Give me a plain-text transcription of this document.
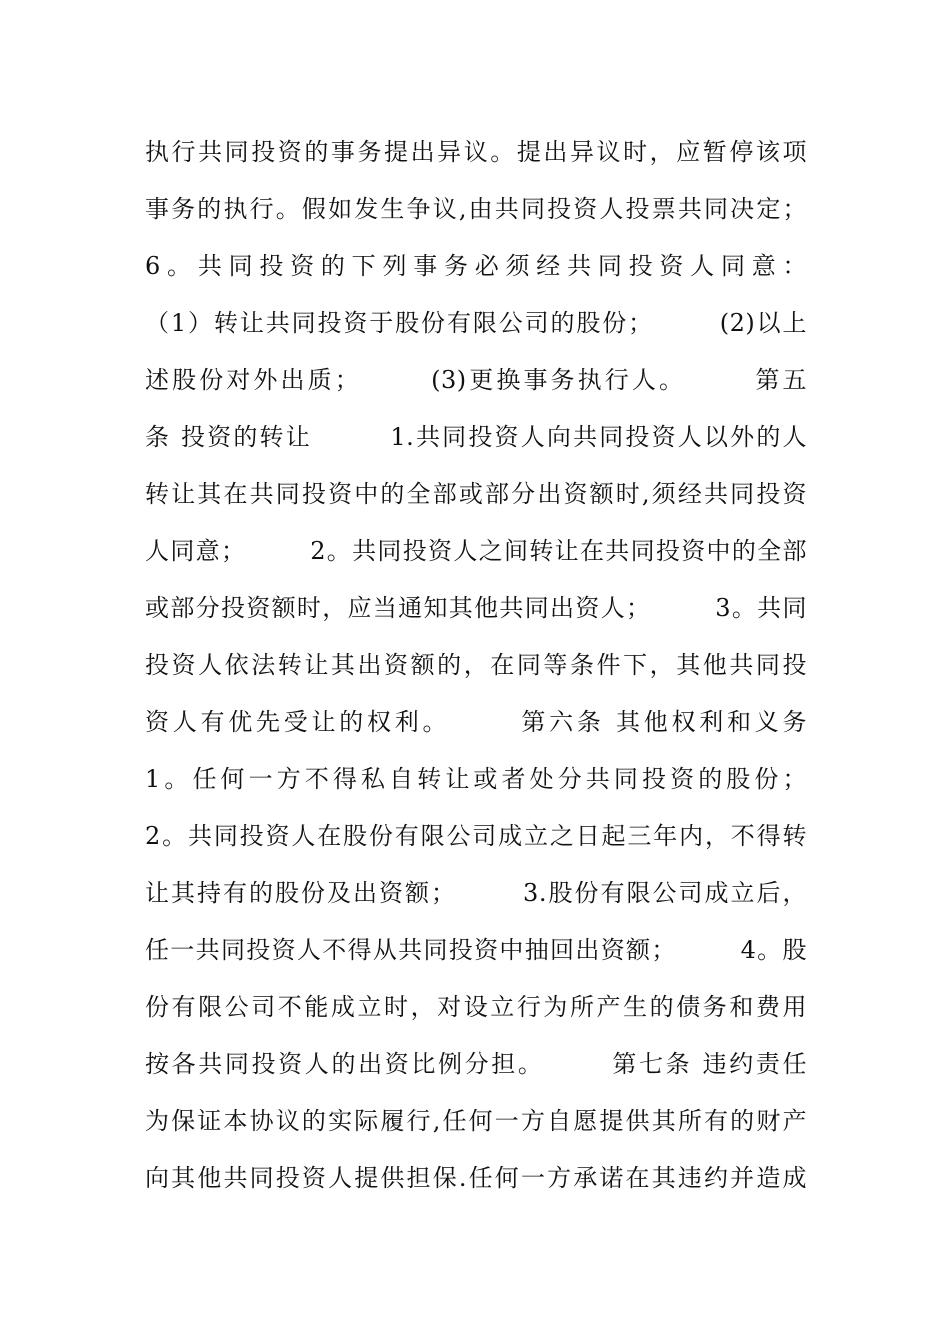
执行共同投资的事务提出异议。提出异议时，应暂停该项
事务的执行。假如发生争议,由共同投资人投票共同决定；
6。共同投资的下列事务必须经共同投资人同意：
（1）转让共同投资于股份有限公司的股份；　　　(2)以上
述股份对外出质；　　　(3)更换事务执行人。　　　第五
条 投资的转让　　　1.共同投资人向共同投资人以外的人
转让其在共同投资中的全部或部分出资额时,须经共同投资
人同意；　　　2。共同投资人之间转让在共同投资中的全部
或部分投资额时，应当通知其他共同出资人；　　　3。共同
投资人依法转让其出资额的，在同等条件下，其他共同投
资人有优先受让的权利。　　　第六条 其他权利和义务
1。任何一方不得私自转让或者处分共同投资的股份；
2。共同投资人在股份有限公司成立之日起三年内，不得转
让其持有的股份及出资额；　　　3.股份有限公司成立后，
任一共同投资人不得从共同投资中抽回出资额；　　　4。股
份有限公司不能成立时，对设立行为所产生的债务和费用
按各共同投资人的出资比例分担。　　　第七条 违约责任
为保证本协议的实际履行,任何一方自愿提供其所有的财产
向其他共同投资人提供担保.任何一方承诺在其违约并造成
